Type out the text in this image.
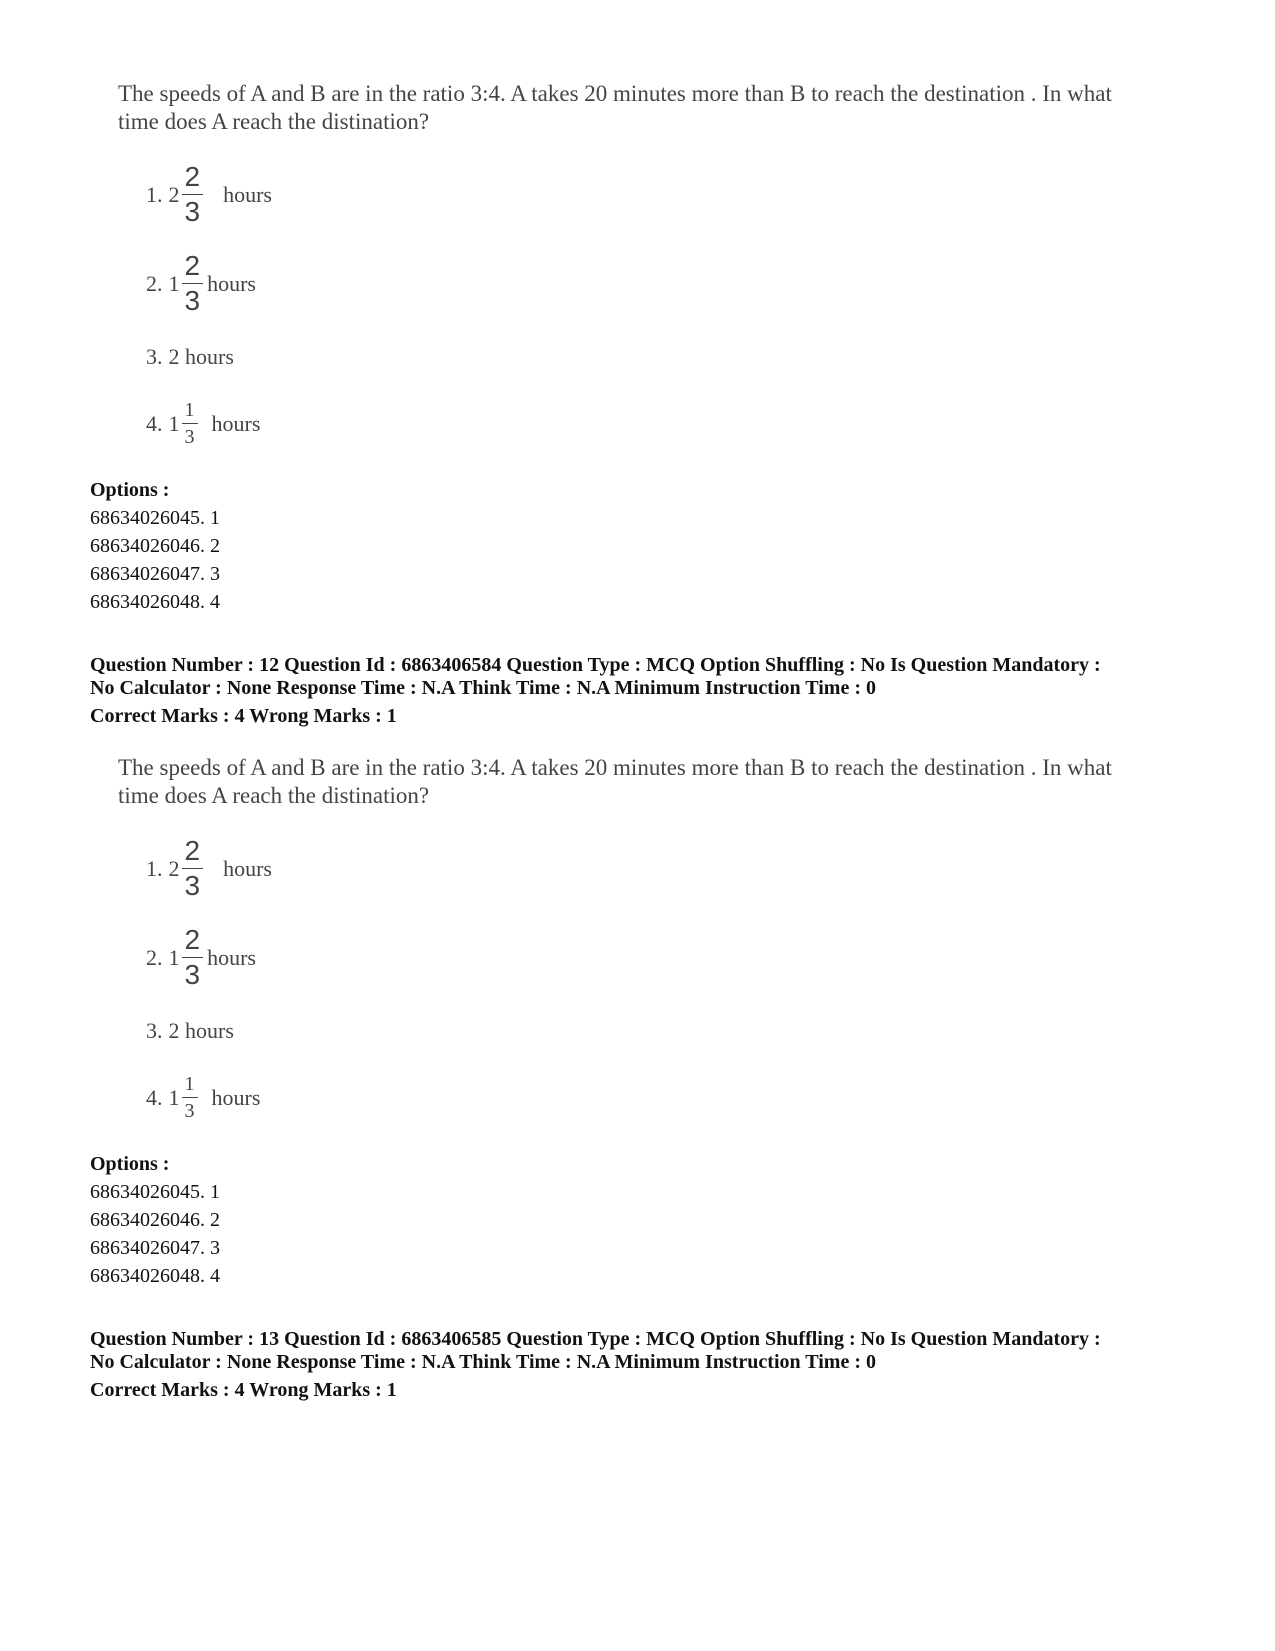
The speeds of A and B are in the ratio 3:4. A takes 20 minutes more than B to reach the destination . In what time does A reach the distination?
1. $2 \frac{2}{3}$ hours
2. $1 \frac{2}{3}$ hours
3. 2 hours
4. $1 \frac{1}{3}$ hours
Options :
68634026045. 1
68634026046. 2
68634026047. 3
68634026048. 4
Question Number : 12 Question Id : 6863406584 Question Type : MCQ Option Shuffling : No Is Question Mandatory :
No Calculator : None Response Time : N.A Think Time : N.A Minimum Instruction Time : 0
Correct Marks : 4 Wrong Marks : 1
The speeds of A and B are in the ratio 3:4. A takes 20 minutes more than B to reach the destination . In what time does A reach the distination?
1. $2 \frac{2}{3}$ hours
2. $1 \frac{2}{3}$ hours
3. 2 hours
4. $1 \frac{1}{3}$ hours
Options :
68634026045. 1
68634026046. 2
68634026047. 3
68634026048. 4
Question Number : 13 Question Id : 6863406585 Question Type : MCQ Option Shuffling : No Is Question Mandatory :
No Calculator : None Response Time : N.A Think Time : N.A Minimum Instruction Time : 0
Correct Marks : 4 Wrong Marks : 1
